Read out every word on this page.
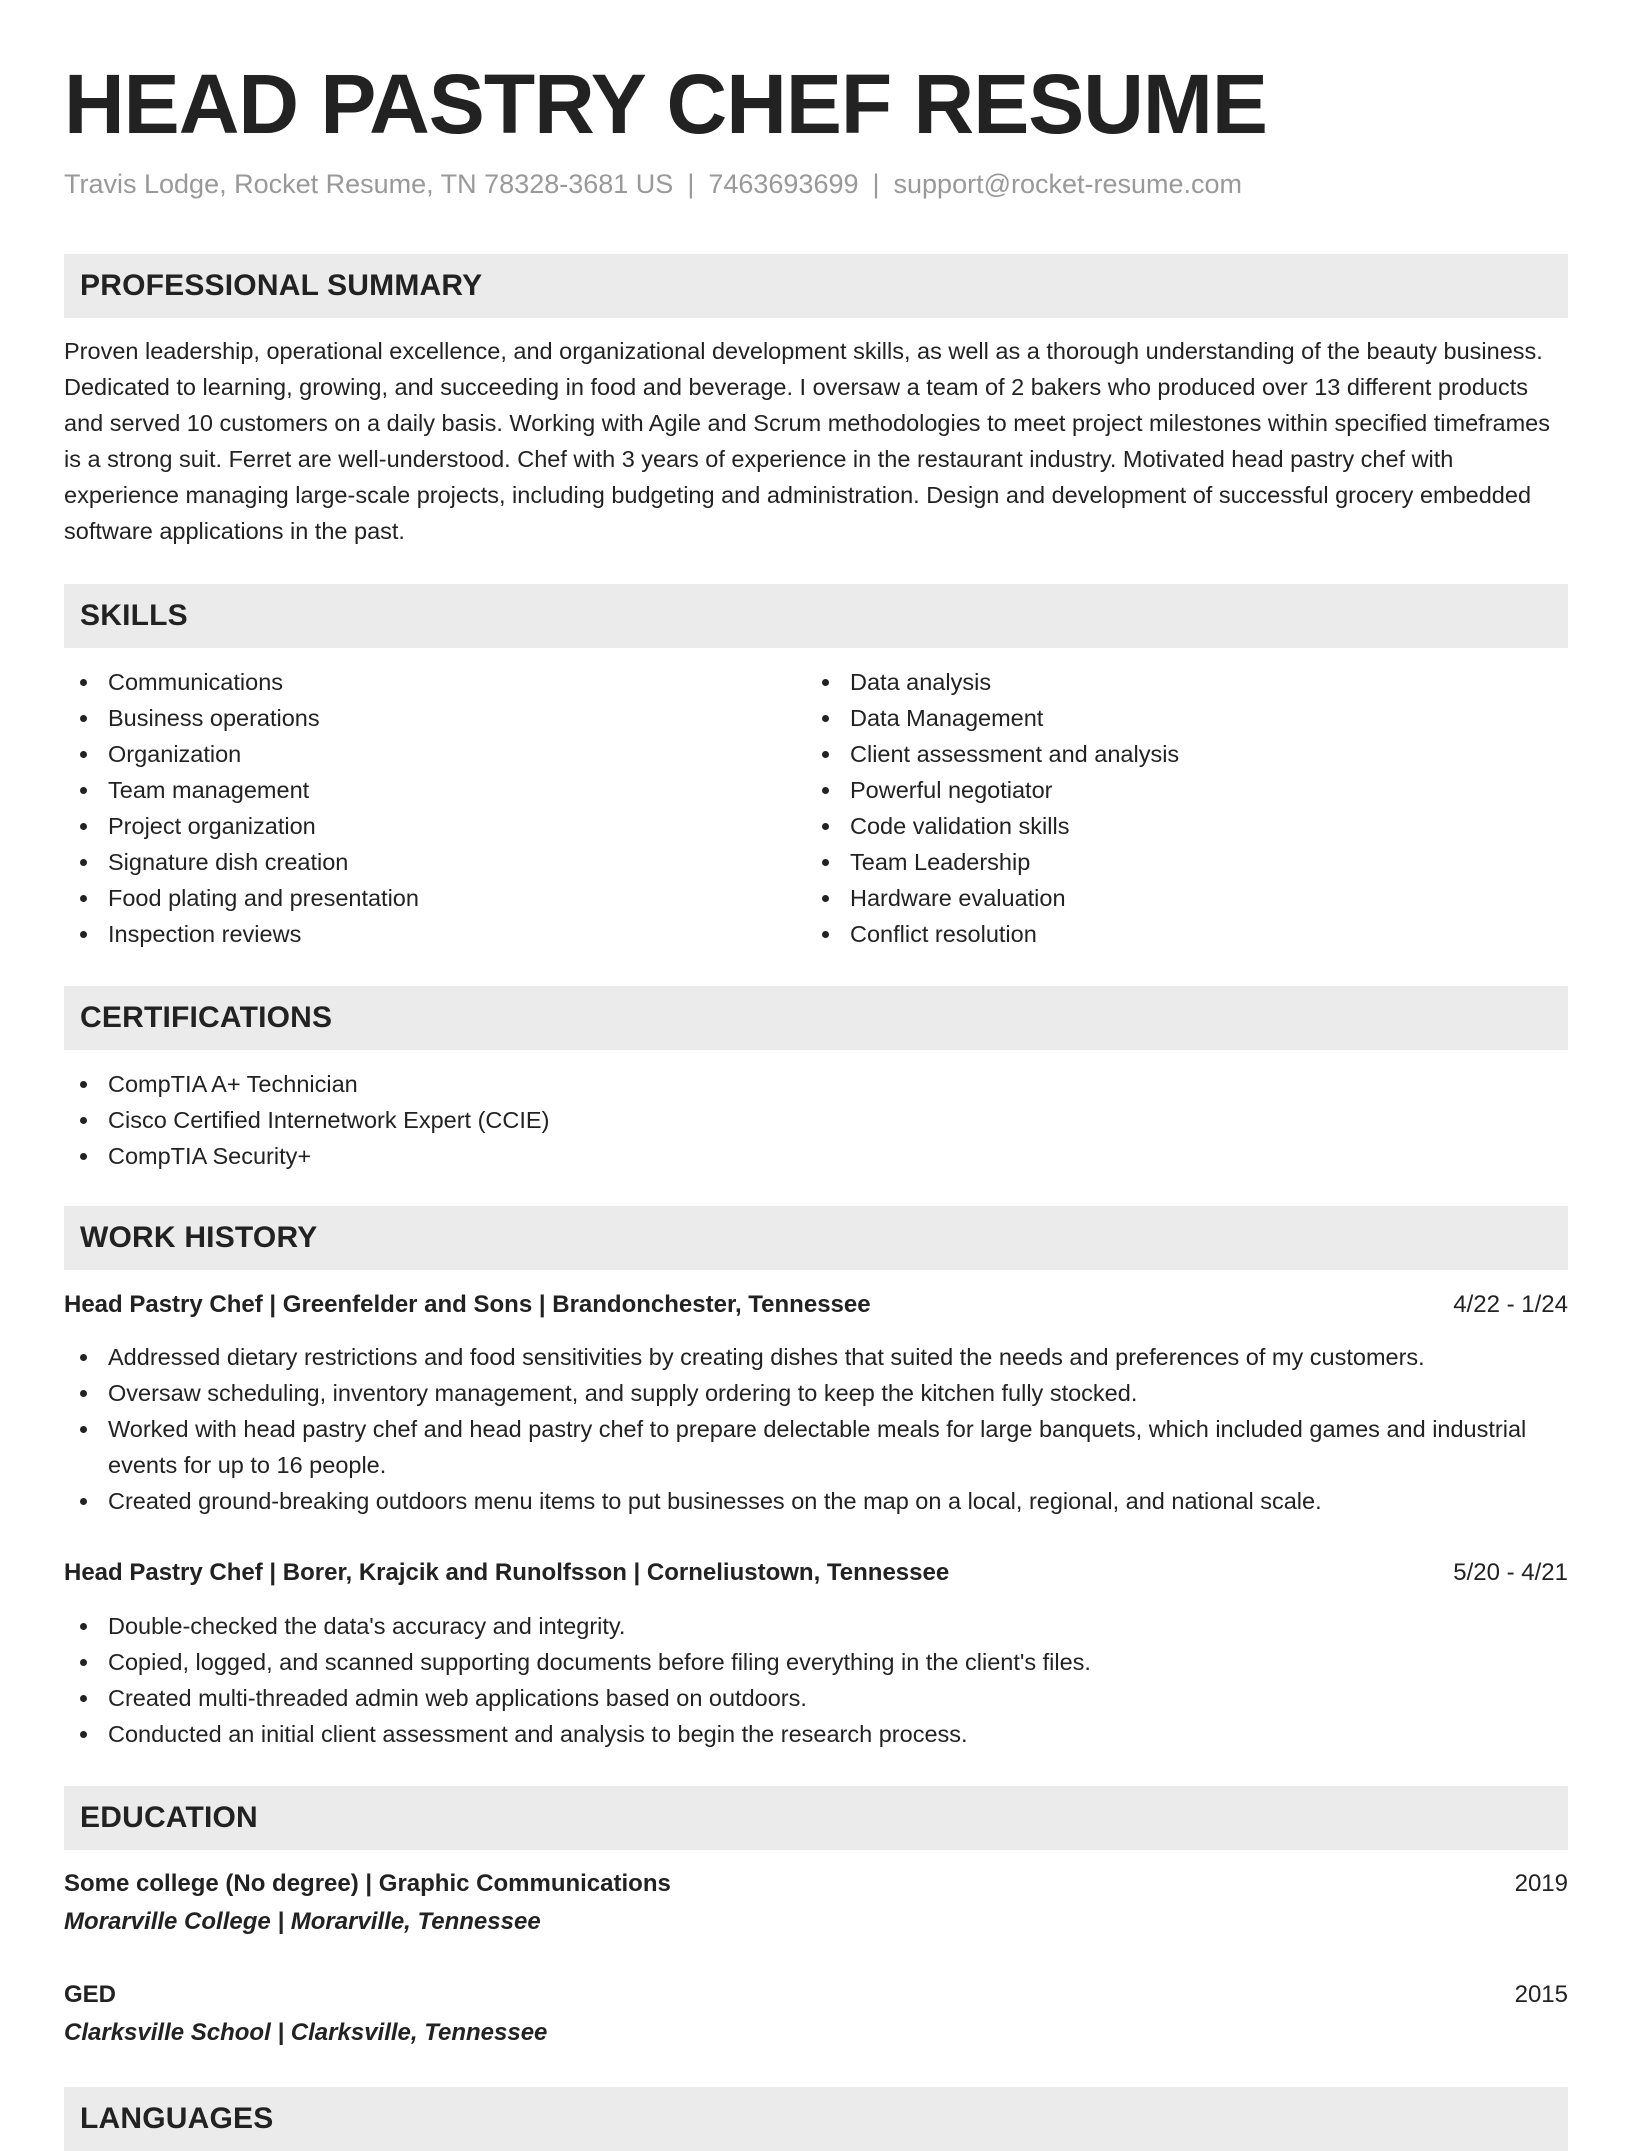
HEAD PASTRY CHEF RESUME
Travis Lodge, Rocket Resume, TN 78328-3681 US | 7463693699 | support@rocket-resume.com
PROFESSIONAL SUMMARY

Proven leadership, operational excellence, and organizational development skills, as well as a thorough understanding of the beauty business. Dedicated to learning, growing, and succeeding in food and beverage. I oversaw a team of 2 bakers who produced over 13 different products and served 10 customers on a daily basis. Working with Agile and Scrum methodologies to meet project milestones within specified timeframes is a strong suit. Ferret are well-understood. Chef with 3 years of experience in the restaurant industry. Motivated head pastry chef with experience managing large-scale projects, including budgeting and administration. Design and development of successful grocery embedded software applications in the past.

SKILLS
Communications
Business operations
Organization
Team management
Project organization
Signature dish creation
Food plating and presentation
Inspection reviews
Data analysis
Data Management
Client assessment and analysis
Powerful negotiator
Code validation skills
Team Leadership
Hardware evaluation
Conflict resolution
CERTIFICATIONS
CompTIA A+ Technician
Cisco Certified Internetwork Expert (CCIE)
CompTIA Security+
WORK HISTORY
Head Pastry Chef | Greenfelder and Sons | Brandonchester, Tennessee	4/22 - 1/24
Addressed dietary restrictions and food sensitivities by creating dishes that suited the needs and preferences of my customers.
Oversaw scheduling, inventory management, and supply ordering to keep the kitchen fully stocked.
Worked with head pastry chef and head pastry chef to prepare delectable meals for large banquets, which included games and industrial events for up to 16 people.
Created ground-breaking outdoors menu items to put businesses on the map on a local, regional, and national scale.
Head Pastry Chef | Borer, Krajcik and Runolfsson | Corneliustown, Tennessee	5/20 - 4/21
Double-checked the data's accuracy and integrity.
Copied, logged, and scanned supporting documents before filing everything in the client's files.
Created multi-threaded admin web applications based on outdoors.
Conducted an initial client assessment and analysis to begin the research process.
EDUCATION
Some college (No degree) | Graphic Communications	2019
Morarville College | Morarville, Tennessee
GED	2015
Clarksville School | Clarksville, Tennessee
LANGUAGES
